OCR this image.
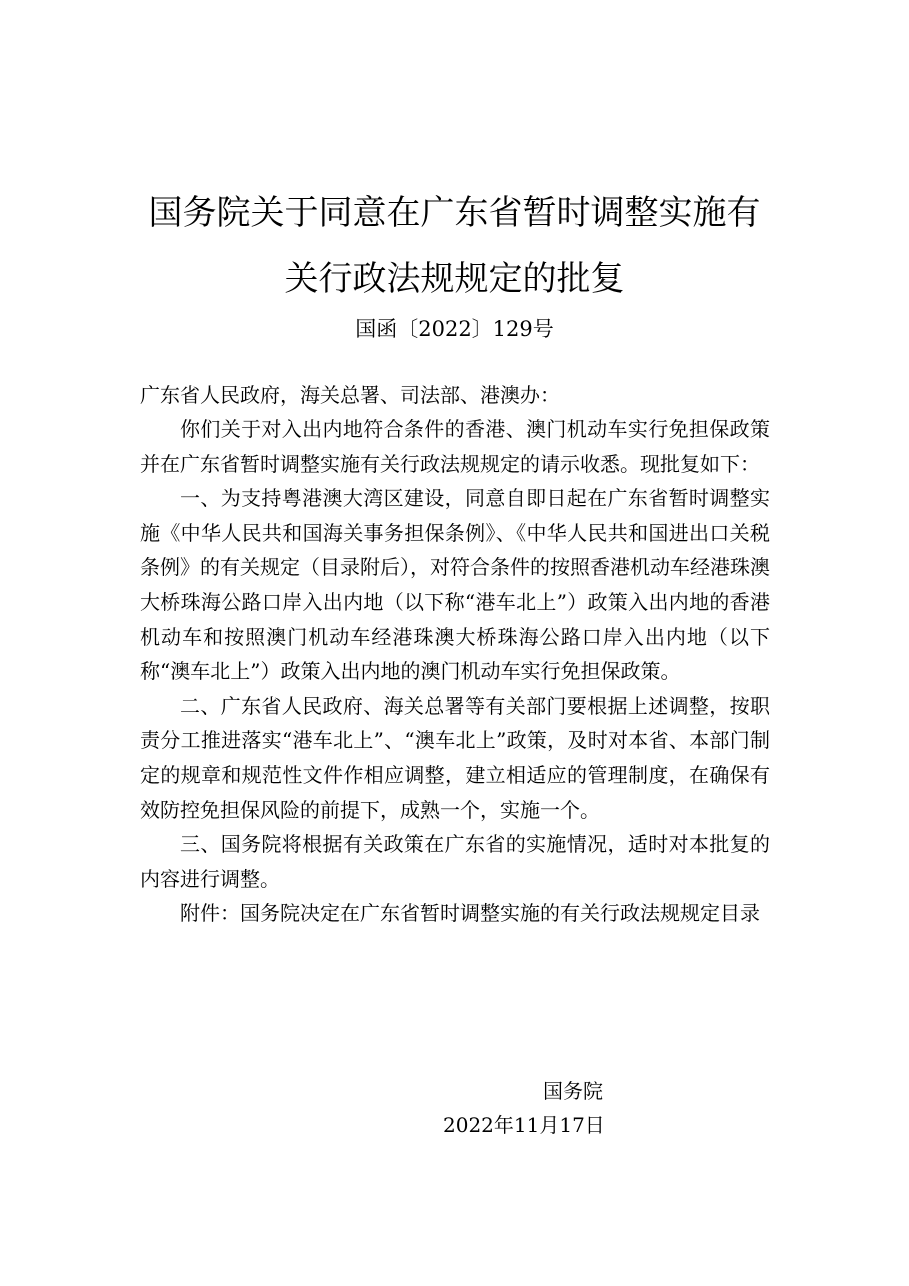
国务院关于同意在广东省暂时调整实施有
关行政法规规定的批复
国函〔2022〕129号
广东省人民政府，海关总署、司法部、港澳办：

你们关于对入出内地符合条件的香港、澳门机动车实行免担保政策并在广东省暂时调整实施有关行政法规规定的请示收悉。现批复如下：

一、为支持粤港澳大湾区建设，同意自即日起在广东省暂时调整实施《中华人民共和国海关事务担保条例》、《中华人民共和国进出口关税条例》的有关规定（目录附后），对符合条件的按照香港机动车经港珠澳大桥珠海公路口岸入出内地（以下称“港车北上”）政策入出内地的香港机动车和按照澳门机动车经港珠澳大桥珠海公路口岸入出内地（以下称“澳车北上”）政策入出内地的澳门机动车实行免担保政策。

二、广东省人民政府、海关总署等有关部门要根据上述调整，按职责分工推进落实“港车北上”、“澳车北上”政策，及时对本省、本部门制定的规章和规范性文件作相应调整，建立相适应的管理制度，在确保有效防控免担保风险的前提下，成熟一个，实施一个。

三、国务院将根据有关政策在广东省的实施情况，适时对本批复的内容进行调整。

附件：国务院决定在广东省暂时调整实施的有关行政法规规定目录

国务院
2022年11月17日
